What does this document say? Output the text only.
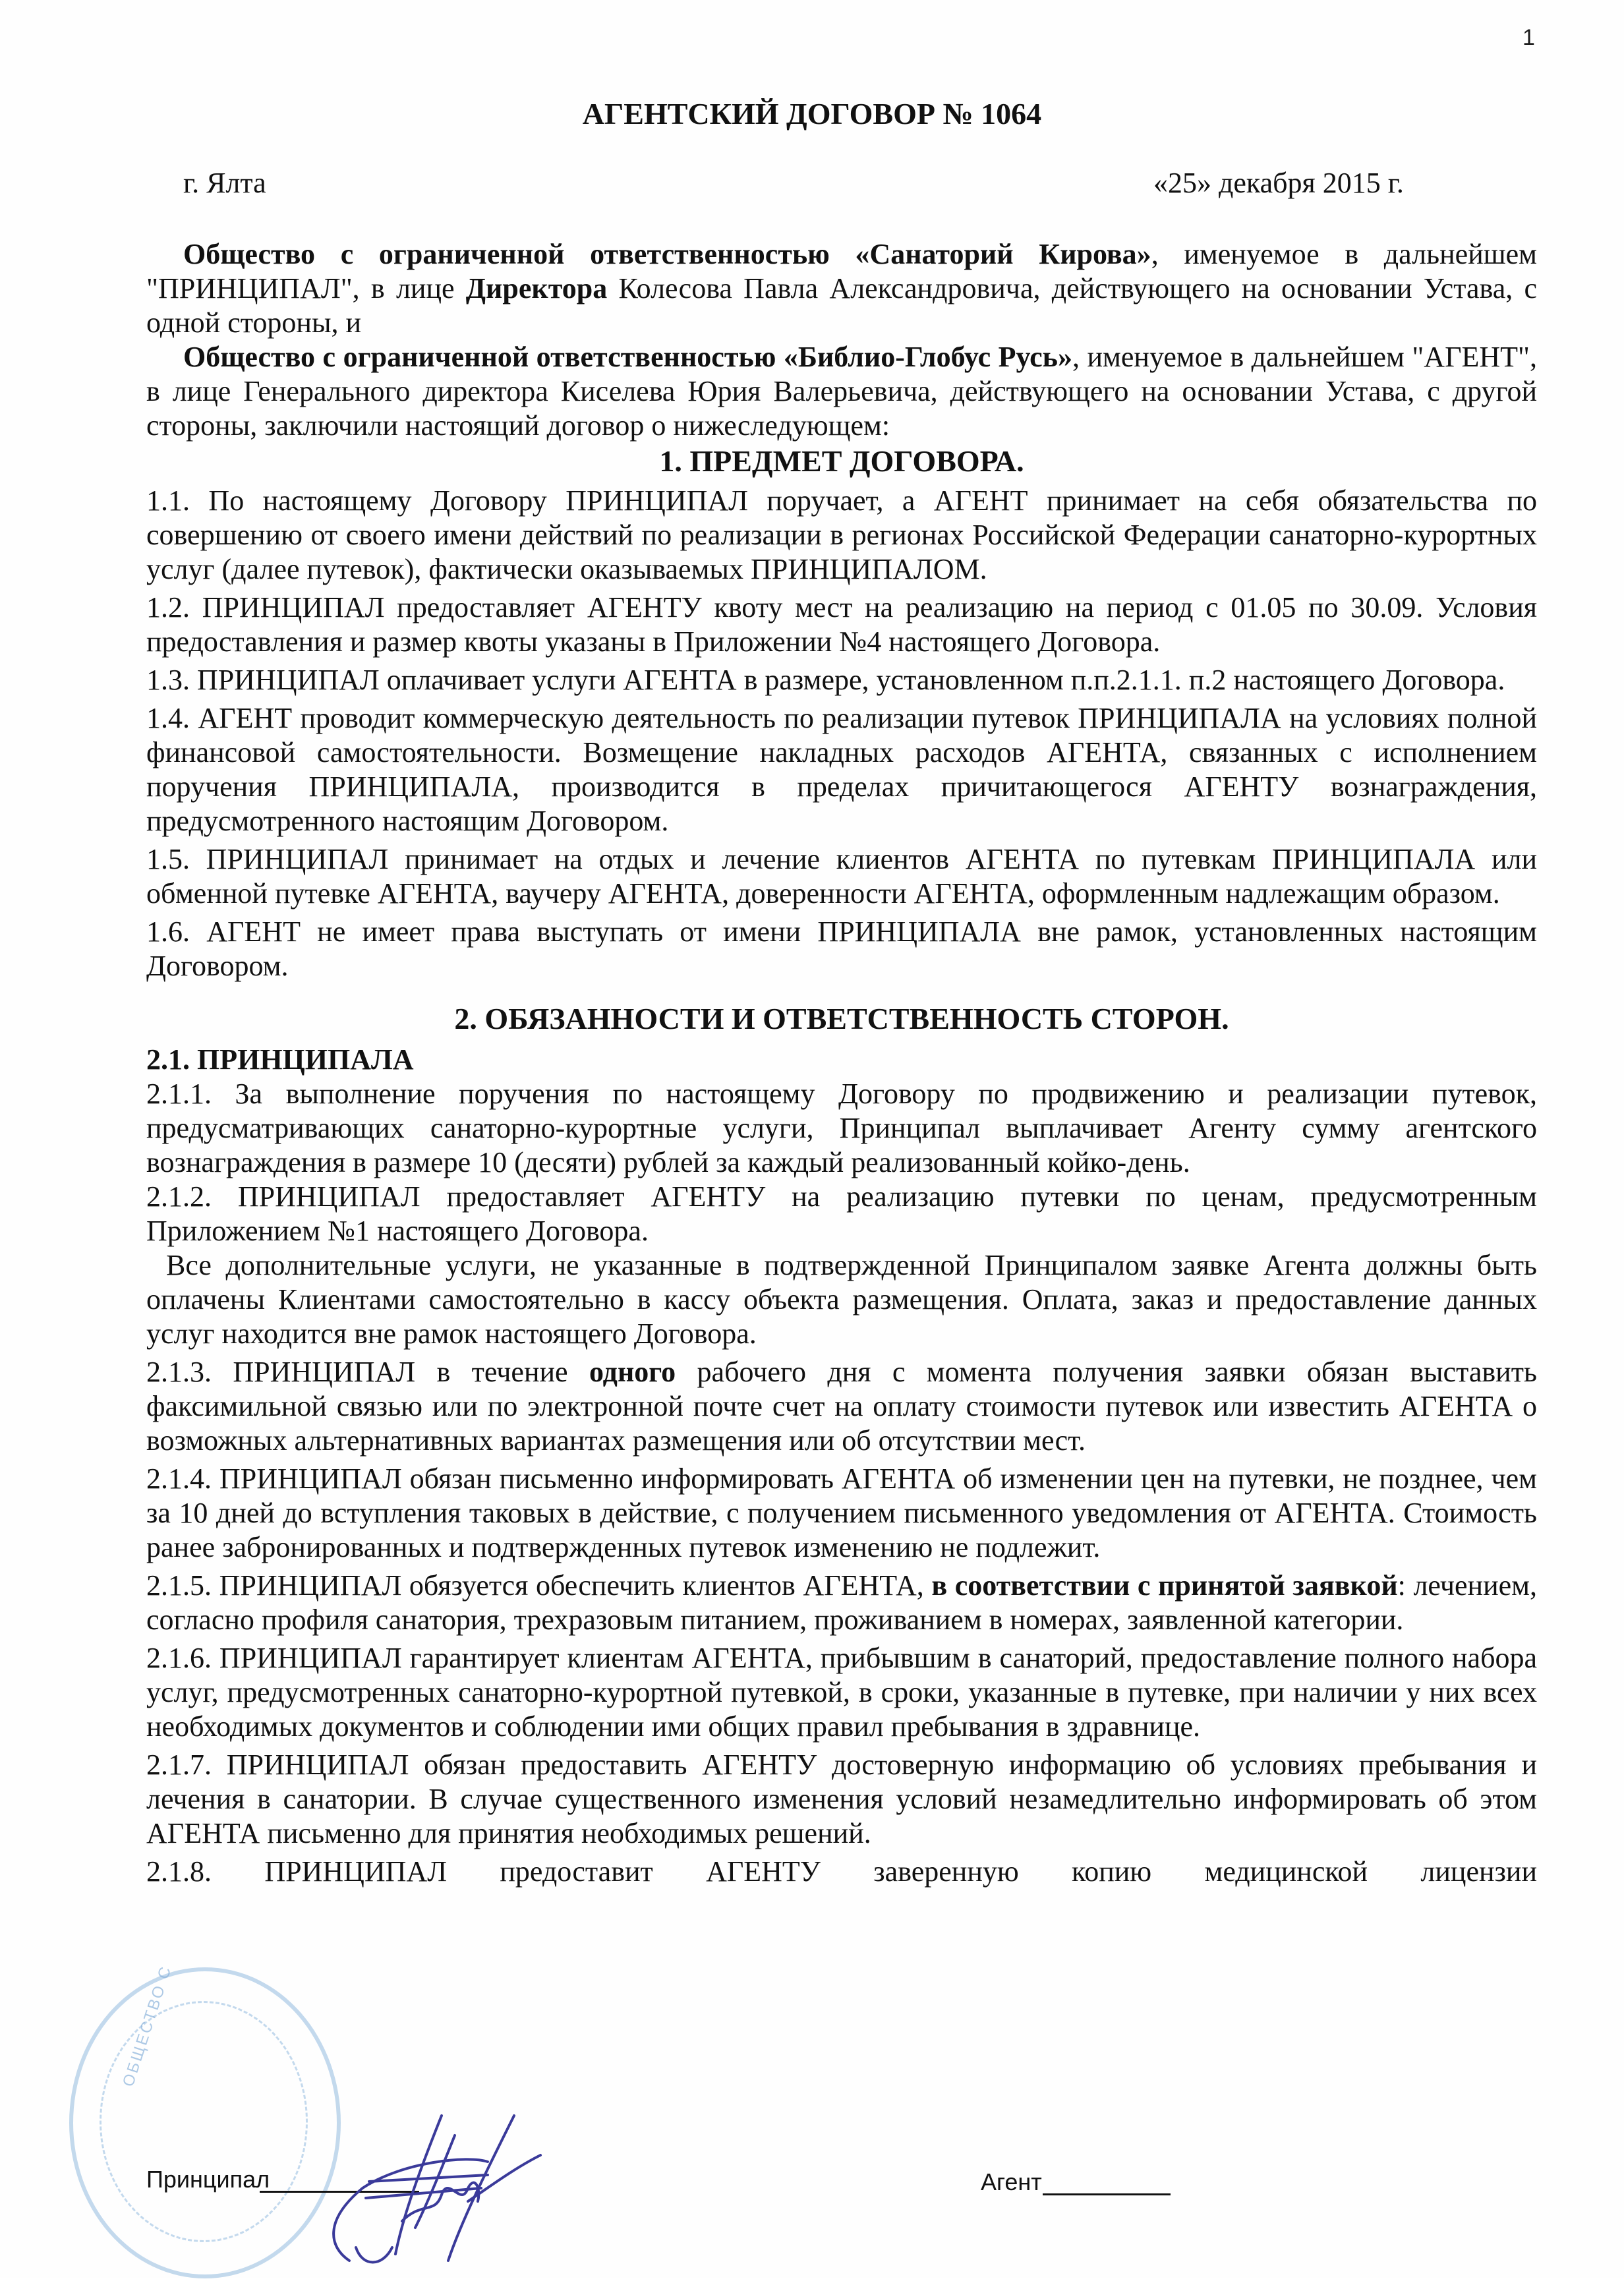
1
АГЕНТСКИЙ ДОГОВОР № 1064
г. Ялта	«25» декабря 2015 г.

Общество с ограниченной ответственностью «Санаторий Кирова», именуемое в дальнейшем "ПРИНЦИПАЛ", в лице Директора Колесова Павла Александровича, действующего на основании Устава, с одной стороны, и

Общество с ограниченной ответственностью «Библио-Глобус Русь», именуемое в дальнейшем "АГЕНТ", в лице Генерального директора Киселева Юрия Валерьевича, действующего на основании Устава, с другой стороны, заключили настоящий договор о нижеследующем:

1. ПРЕДМЕТ ДОГОВОРА.

1.1. По настоящему Договору ПРИНЦИПАЛ поручает, а АГЕНТ принимает на себя обязательства по совершению от своего имени действий по реализации в регионах Российской Федерации санаторно-курортных услуг (далее путевок), фактически оказываемых ПРИНЦИПАЛОМ.

1.2. ПРИНЦИПАЛ предоставляет АГЕНТУ квоту мест на реализацию на период с 01.05 по 30.09. Условия предоставления и размер квоты указаны в Приложении №4 настоящего Договора.

1.3. ПРИНЦИПАЛ оплачивает услуги АГЕНТА в размере, установленном п.п.2.1.1. п.2 настоящего Договора.

1.4. АГЕНТ проводит коммерческую деятельность по реализации путевок ПРИНЦИПАЛА на условиях полной финансовой самостоятельности. Возмещение накладных расходов АГЕНТА, связанных с исполнением поручения ПРИНЦИПАЛА, производится в пределах причитающегося АГЕНТУ вознаграждения, предусмотренного настоящим Договором.

1.5. ПРИНЦИПАЛ принимает на отдых и лечение клиентов АГЕНТА по путевкам ПРИНЦИПАЛА или обменной путевке АГЕНТА, ваучеру АГЕНТА, доверенности АГЕНТА, оформленным надлежащим образом.

1.6. АГЕНТ не имеет права выступать от имени ПРИНЦИПАЛА вне рамок, установленных настоящим Договором.

2. ОБЯЗАННОСТИ И ОТВЕТСТВЕННОСТЬ СТОРОН.

2.1. ПРИНЦИПАЛА

2.1.1. За выполнение поручения по настоящему Договору по продвижению и реализации путевок, предусматривающих санаторно-курортные услуги, Принципал выплачивает Агенту сумму агентского вознаграждения в размере 10 (десяти) рублей за каждый реализованный койко-день.

2.1.2. ПРИНЦИПАЛ предоставляет АГЕНТУ на реализацию путевки по ценам, предусмотренным Приложением №1 настоящего Договора.

Все дополнительные услуги, не указанные в подтвержденной Принципалом заявке Агента должны быть оплачены Клиентами самостоятельно в кассу объекта размещения. Оплата, заказ и предоставление данных услуг находится вне рамок настоящего Договора.

2.1.3. ПРИНЦИПАЛ в течение одного рабочего дня с момента получения заявки обязан выставить факсимильной связью или по электронной почте счет на оплату стоимости путевок или известить АГЕНТА о возможных альтернативных вариантах размещения или об отсутствии мест.

2.1.4. ПРИНЦИПАЛ обязан письменно информировать АГЕНТА об изменении цен на путевки, не позднее, чем за 10 дней до вступления таковых в действие, с получением письменного уведомления от АГЕНТА. Стоимость ранее забронированных и подтвержденных путевок изменению не подлежит.

2.1.5. ПРИНЦИПАЛ обязуется обеспечить клиентов АГЕНТА, в соответствии с принятой заявкой: лечением, согласно профиля санатория, трехразовым питанием, проживанием в номерах, заявленной категории.

2.1.6. ПРИНЦИПАЛ гарантирует клиентам АГЕНТА, прибывшим в санаторий, предоставление полного набора услуг, предусмотренных санаторно-курортной путевкой, в сроки, указанные в путевке, при наличии у них всех необходимых документов и соблюдении ими общих правил пребывания в здравнице.

2.1.7. ПРИНЦИПАЛ обязан предоставить АГЕНТУ достоверную информацию об условиях пребывания и лечения в санатории. В случае существенного изменения условий незамедлительно информировать об этом АГЕНТА письменно для принятия необходимых решений.

2.1.8. ПРИНЦИПАЛ предоставит АГЕНТУ заверенную копию медицинской лицензии

ОБЩЕСТВО С
Принципал	Агент
